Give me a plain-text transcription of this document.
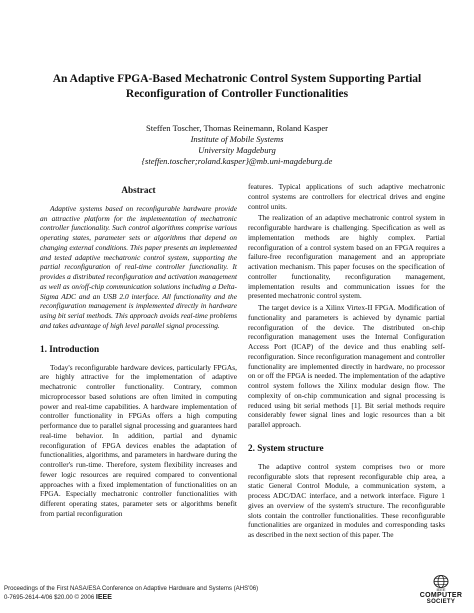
An Adaptive FPGA-Based Mechatronic Control System Supporting Partial
Reconfiguration of Controller Functionalities
Steffen Toscher, Thomas Reinemann, Roland Kasper
Institute of Mobile Systems
University Magdeburg
{steffen.toscher;roland.kasper}@mb.uni-magdeburg.de
Abstract

Adaptive systems based on reconfigurable hardware provide an attractive platform for the implementation of mechatronic controller functionality. Such control algorithms comprise various operating states, parameter sets or algorithms that depend on changing external conditions. This paper presents an implemented and tested adaptive mechatronic control system, supporting the partial reconfiguration of real-time controller functionality. It provides a distributed reconfiguration and activation management as well as on/off-chip communication solutions including a Delta-Sigma ADC and an USB 2.0 interface. All functionality and the reconfiguration management is implemented directly in hardware using bit serial methods. This approach avoids real-time problems and takes advantage of high level parallel signal processing.

1. Introduction

Today's reconfigurable hardware devices, particularly FPGAs, are highly attractive for the implementation of adaptive mechatronic controller functionality. Contrary, common microprocessor based solutions are often limited in computing power and real-time capabilities. A hardware implementation of controller functionality in FPGAs offers a high computing performance due to parallel signal processing and guarantees hard real-time behavior. In addition, partial and dynamic reconfiguration of FPGA devices enables the adaptation of functionalities, algorithms, and parameters in hardware during the controller's run-time. Therefore, system flexibility increases and fewer logic resources are required compared to conventional approaches with a fixed implementation of functionalities on an FPGA. Especially mechatronic controller functionalities with different operating states, parameter sets or algorithms benefit from partial reconfiguration

features. Typical applications of such adaptive mechatronic control systems are controllers for electrical drives and engine control units.

The realization of an adaptive mechatronic control system in reconfigurable hardware is challenging. Specification as well as implementation methods are highly complex. Partial reconfiguration of a control system based on an FPGA requires a failure-free reconfiguration management and an appropriate activation mechanism. This paper focuses on the specification of controller functionality, reconfiguration management, implementation results and communication issues for the presented mechatronic control system.

The target device is a Xilinx Virtex-II FPGA. Modification of functionality and parameters is achieved by dynamic partial reconfiguration of the device. The distributed on-chip reconfiguration management uses the Internal Configuration Access Port (ICAP) of the device and thus enabling self-reconfiguration. Since reconfiguration management and controller functionality are implemented directly in hardware, no processor on or off the FPGA is needed. The implementation of the adaptive control system follows the Xilinx modular design flow. The complexity of on-chip communication and signal processing is reduced using bit serial methods [1]. Bit serial methods require considerably fewer signal lines and logic resources than a bit parallel approach.

2. System structure

The adaptive control system comprises two or more reconfigurable slots that represent reconfigurable chip area, a static General Control Module, a communication system, a process ADC/DAC interface, and a network interface. Figure 1 gives an overview of the system's structure. The reconfigurable slots contain the controller functionalities. These reconfigurable functionalities are organized in modules and corresponding tasks as described in the next section of this paper. The

Proceedings of the First NASA/ESA Conference on Adaptive Hardware and Systems (AHS'06)
0-7695-2614-4/06 $20.00 © 2006 IEEE
IEEE
COMPUTER
SOCIETY
